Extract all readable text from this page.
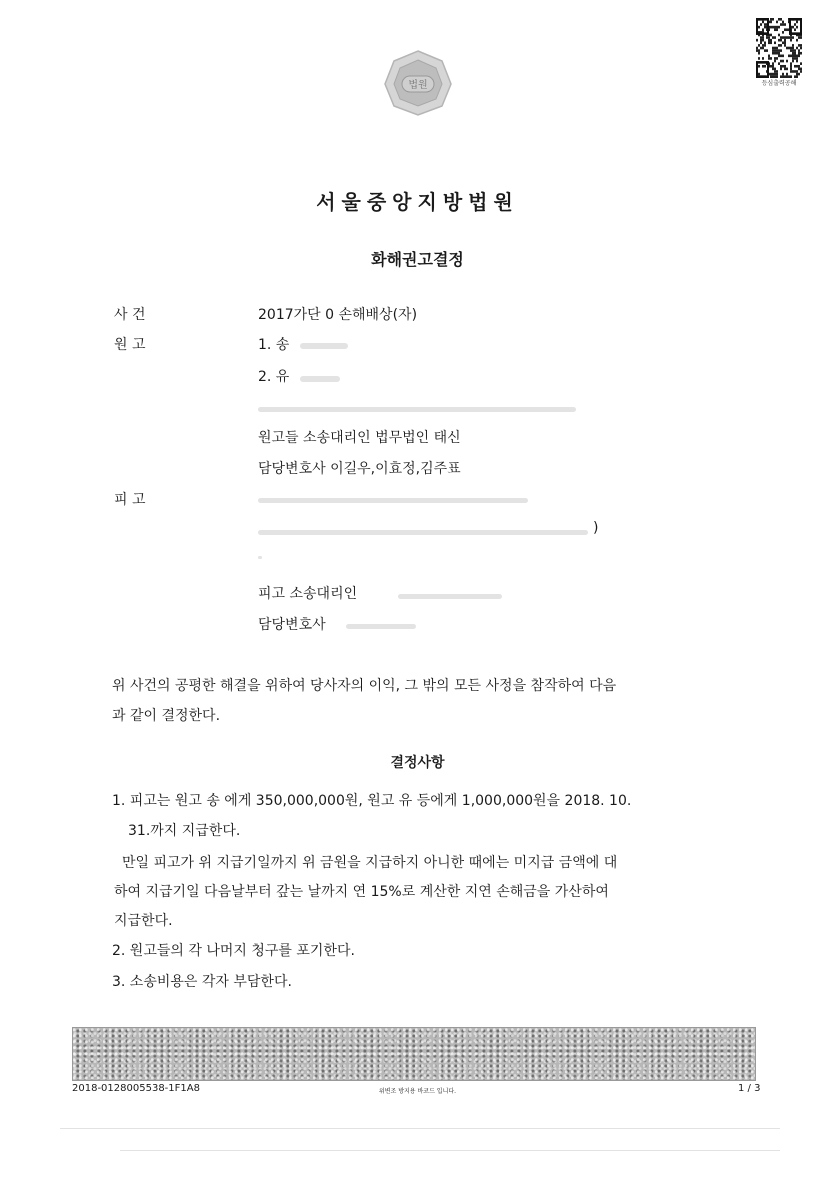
등심출력공해
법원
서울중앙지방법원
화해권고결정
사 건	2017가단 0 손해배상(자)
원 고	1. 송
2. 유
원고들 소송대리인 법무법인 태신
담당변호사 이길우,이효정,김주표
피 고
)
피고 소송대리인
담당변호사
위 사건의 공평한 해결을 위하여 당사자의 이익, 그 밖의 모든 사정을 참작하여 다음
과 같이 결정한다.
결정사항
1. 피고는 원고 송 에게 350,000,000원, 원고 유 등에게 1,000,000원을 2018. 10.
31.까지 지급한다.
만일 피고가 위 지급기일까지 위 금원을 지급하지 아니한 때에는 미지급 금액에 대
하여 지급기일 다음날부터 갚는 날까지 연 15%로 계산한 지연 손해금을 가산하여
지급한다.
2. 원고들의 각 나머지 청구를 포기한다.
3. 소송비용은 각자 부담한다.
2018-0128005538-1F1A8	위변조 방지용 바코드 입니다.	1 / 3
